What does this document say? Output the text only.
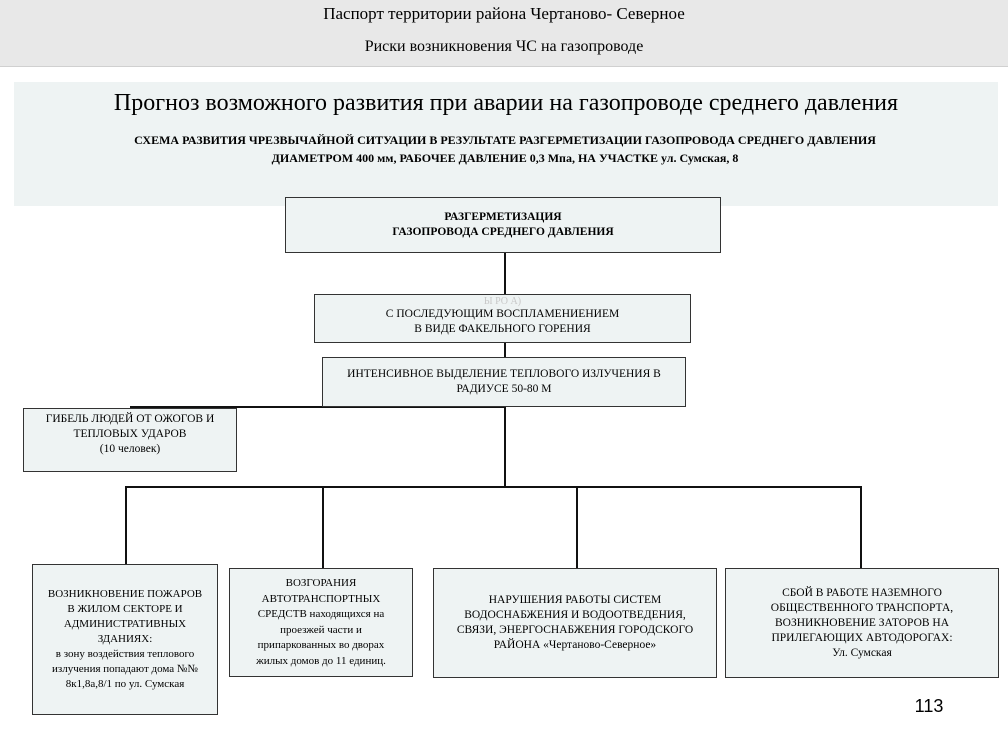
Паспорт территории района Чертаново- Северное
Риски возникновения ЧС на газопроводе
Прогноз возможного развития при аварии на газопроводе среднего давления
СХЕМА РАЗВИТИЯ ЧРЕЗВЫЧАЙНОЙ СИТУАЦИИ В РЕЗУЛЬТАТЕ РАЗГЕРМЕТИЗАЦИИ ГАЗОПРОВОДА СРЕДНЕГО ДАВЛЕНИЯ
ДИАМЕТРОМ 400 мм, РАБОЧЕЕ ДАВЛЕНИЕ 0,3 Мпа, НА УЧАСТКЕ ул. Сумская, 8
РАЗГЕРМЕТИЗАЦИЯ
ГАЗОПРОВОДА СРЕДНЕГО ДАВЛЕНИЯ
Ы РО А)
С ПОСЛЕДУЮЩИМ ВОСПЛАМЕНИЕНИЕМ
В ВИДЕ ФАКЕЛЬНОГО ГОРЕНИЯ
ИНТЕНСИВНОЕ ВЫДЕЛЕНИЕ ТЕПЛОВОГО ИЗЛУЧЕНИЯ В
РАДИУСЕ 50-80 М
ГИБЕЛЬ ЛЮДЕЙ ОТ ОЖОГОВ И
ТЕПЛОВЫХ УДАРОВ
(10 человек)
ВОЗНИКНОВЕНИЕ ПОЖАРОВ
В ЖИЛОМ СЕКТОРЕ И
АДМИНИСТРАТИВНЫХ
ЗДАНИЯХ:
в зону воздействия теплового
излучения попадают дома №№
8к1,8а,8/1 по ул. Сумская
ВОЗГОРАНИЯ
АВТОТРАНСПОРТНЫХ
СРЕДСТВ находящихся на
проезжей части и
припаркованных во дворах
жилых домов до 11 единиц.
НАРУШЕНИЯ РАБОТЫ СИСТЕМ
ВОДОСНАБЖЕНИЯ И ВОДООТВЕДЕНИЯ,
СВЯЗИ, ЭНЕРГОСНАБЖЕНИЯ ГОРОДСКОГО
РАЙОНА «Чертаново-Северное»
СБОЙ В РАБОТЕ НАЗЕМНОГО
ОБЩЕСТВЕННОГО ТРАНСПОРТА,
ВОЗНИКНОВЕНИЕ ЗАТОРОВ НА
ПРИЛЕГАЮЩИХ АВТОДОРОГАХ:
Ул. Сумская
113
